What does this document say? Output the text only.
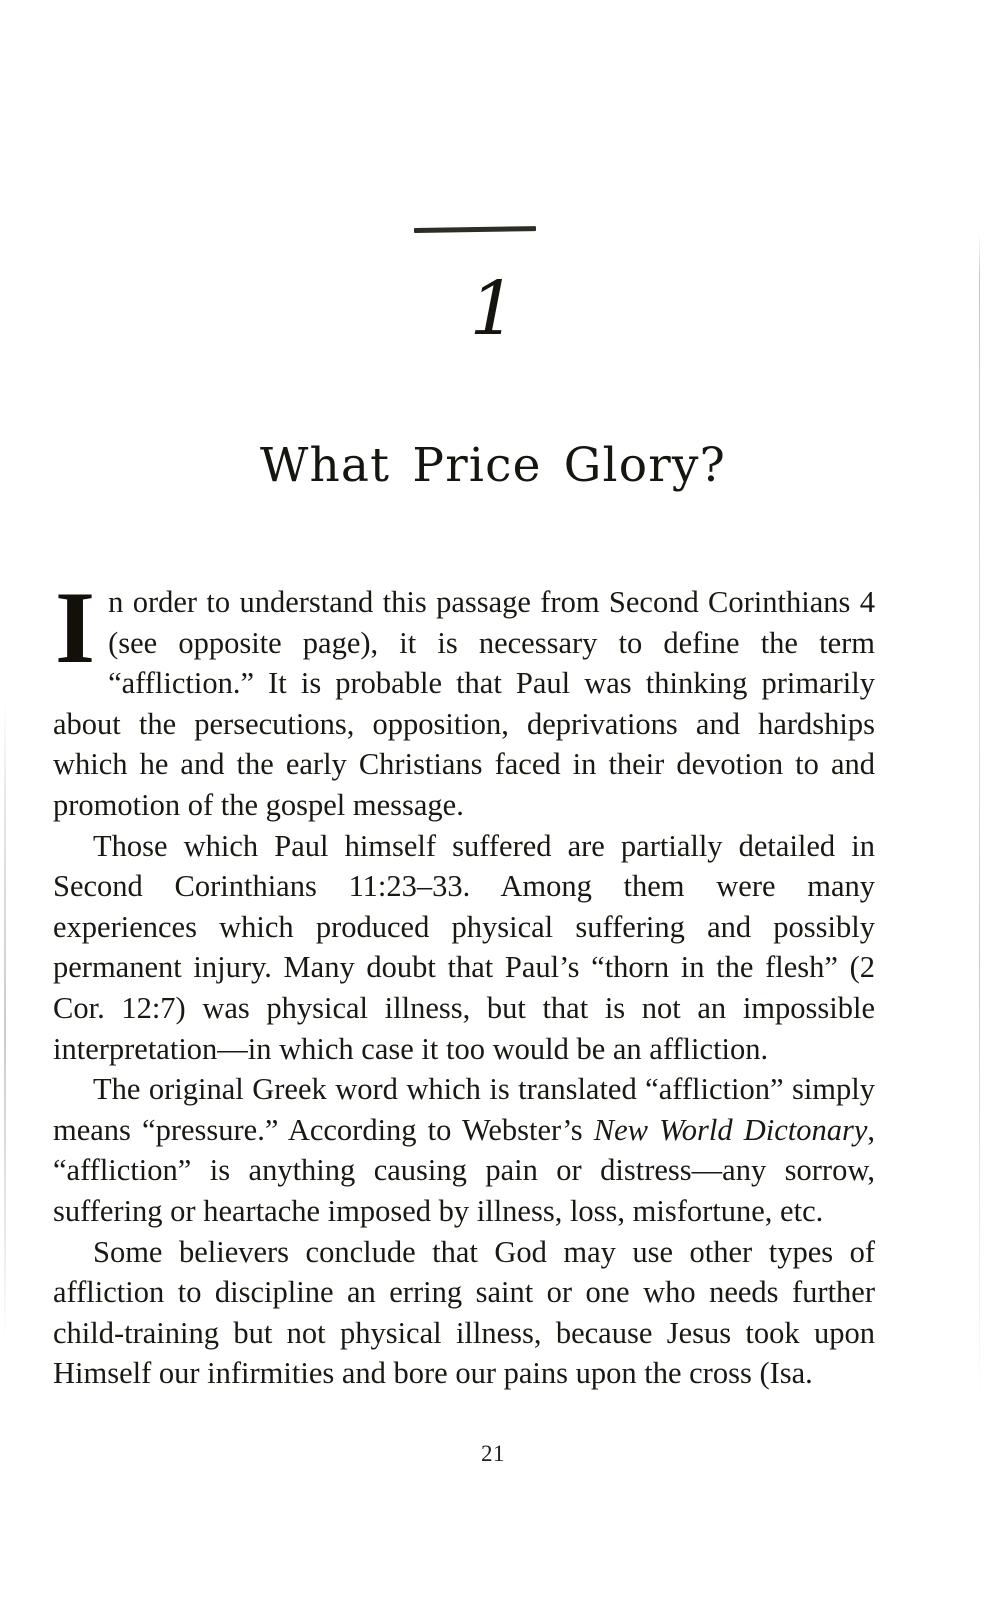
1
What Price Glory?

In order to understand this passage from Second Corinthians 4 (see opposite page), it is necessary to define the term “affliction.” It is probable that Paul was thinking primarily about the persecutions, opposition, deprivations and hardships which he and the early Christians faced in their devotion to and promotion of the gospel message.

Those which Paul himself suffered are partially detailed in Second Corinthians 11:23–33. Among them were many experiences which produced physical suffering and possibly permanent injury. Many doubt that Paul’s “thorn in the flesh” (2 Cor. 12:7) was physical illness, but that is not an impossible interpretation—in which case it too would be an affliction.

The original Greek word which is translated “affliction” simply means “pressure.” According to Webster’s New World Dictonary, “affliction” is anything causing pain or distress—any sorrow, suffering or heartache imposed by illness, loss, misfortune, etc.

Some believers conclude that God may use other types of affliction to discipline an erring saint or one who needs further child-training but not physical illness, because Jesus took upon Himself our infirmities and bore our pains upon the cross (Isa.

21
